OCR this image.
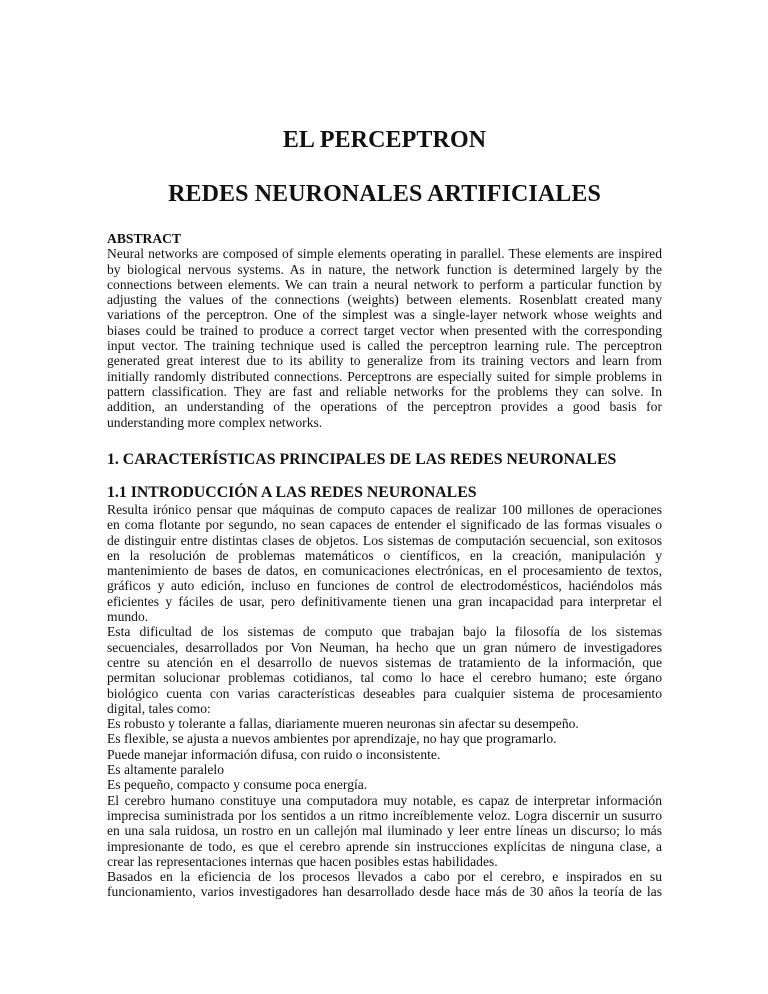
EL PERCEPTRON
REDES NEURONALES ARTIFICIALES
ABSTRACT
Neural networks are composed of simple elements operating in parallel. These elements are inspired
by biological nervous systems. As in nature, the network function is determined largely by the
connections between elements. We can train a neural network to perform a particular function by
adjusting the values of the connections (weights) between elements. Rosenblatt created many
variations of the perceptron. One of the simplest was a single-layer network whose weights and
biases could be trained to produce a correct target vector when presented with the corresponding
input vector. The training technique used is called the perceptron learning rule. The perceptron
generated great interest due to its ability to generalize from its training vectors and learn from
initially randomly distributed connections. Perceptrons are especially suited for simple problems in
pattern classification. They are fast and reliable networks for the problems they can solve. In
addition, an understanding of the operations of the perceptron provides a good basis for
understanding more complex networks.
1. CARACTERÍSTICAS PRINCIPALES DE LAS REDES NEURONALES
1.1 INTRODUCCIÓN A LAS REDES NEURONALES
Resulta irónico pensar que máquinas de computo capaces de realizar 100 millones de operaciones
en coma flotante por segundo, no sean capaces de entender el significado de las formas visuales o
de distinguir entre distintas clases de objetos. Los sistemas de computación secuencial, son exitosos
en la resolución de problemas matemáticos o científicos, en la creación, manipulación y
mantenimiento de bases de datos, en comunicaciones electrónicas, en el procesamiento de textos,
gráficos y auto edición, incluso en funciones de control de electrodomésticos, haciéndolos más
eficientes y fáciles de usar, pero definitivamente tienen una gran incapacidad para interpretar el
mundo.
Esta dificultad de los sistemas de computo que trabajan bajo la filosofía de los sistemas
secuenciales, desarrollados por Von Neuman, ha hecho que un gran número de investigadores
centre su atención en el desarrollo de nuevos sistemas de tratamiento de la información, que
permitan solucionar problemas cotidianos, tal como lo hace el cerebro humano; este órgano
biológico cuenta con varias características deseables para cualquier sistema de procesamiento
digital, tales como:
Es robusto y tolerante a fallas, diariamente mueren neuronas sin afectar su desempeño.
Es flexible, se ajusta a nuevos ambientes por aprendizaje, no hay que programarlo.
Puede manejar información difusa, con ruido o inconsistente.
Es altamente paralelo
Es pequeño, compacto y consume poca energía.
El cerebro humano constituye una computadora muy notable, es capaz de interpretar información
imprecisa suministrada por los sentidos a un ritmo increíblemente veloz. Logra discernir un susurro
en una sala ruidosa, un rostro en un callejón mal iluminado y leer entre líneas un discurso; lo más
impresionante de todo, es que el cerebro aprende sin instrucciones explícitas de ninguna clase, a
crear las representaciones internas que hacen posibles estas habilidades.
Basados en la eficiencia de los procesos llevados a cabo por el cerebro, e inspirados en su
funcionamiento, varios investigadores han desarrollado desde hace más de 30 años la teoría de las
